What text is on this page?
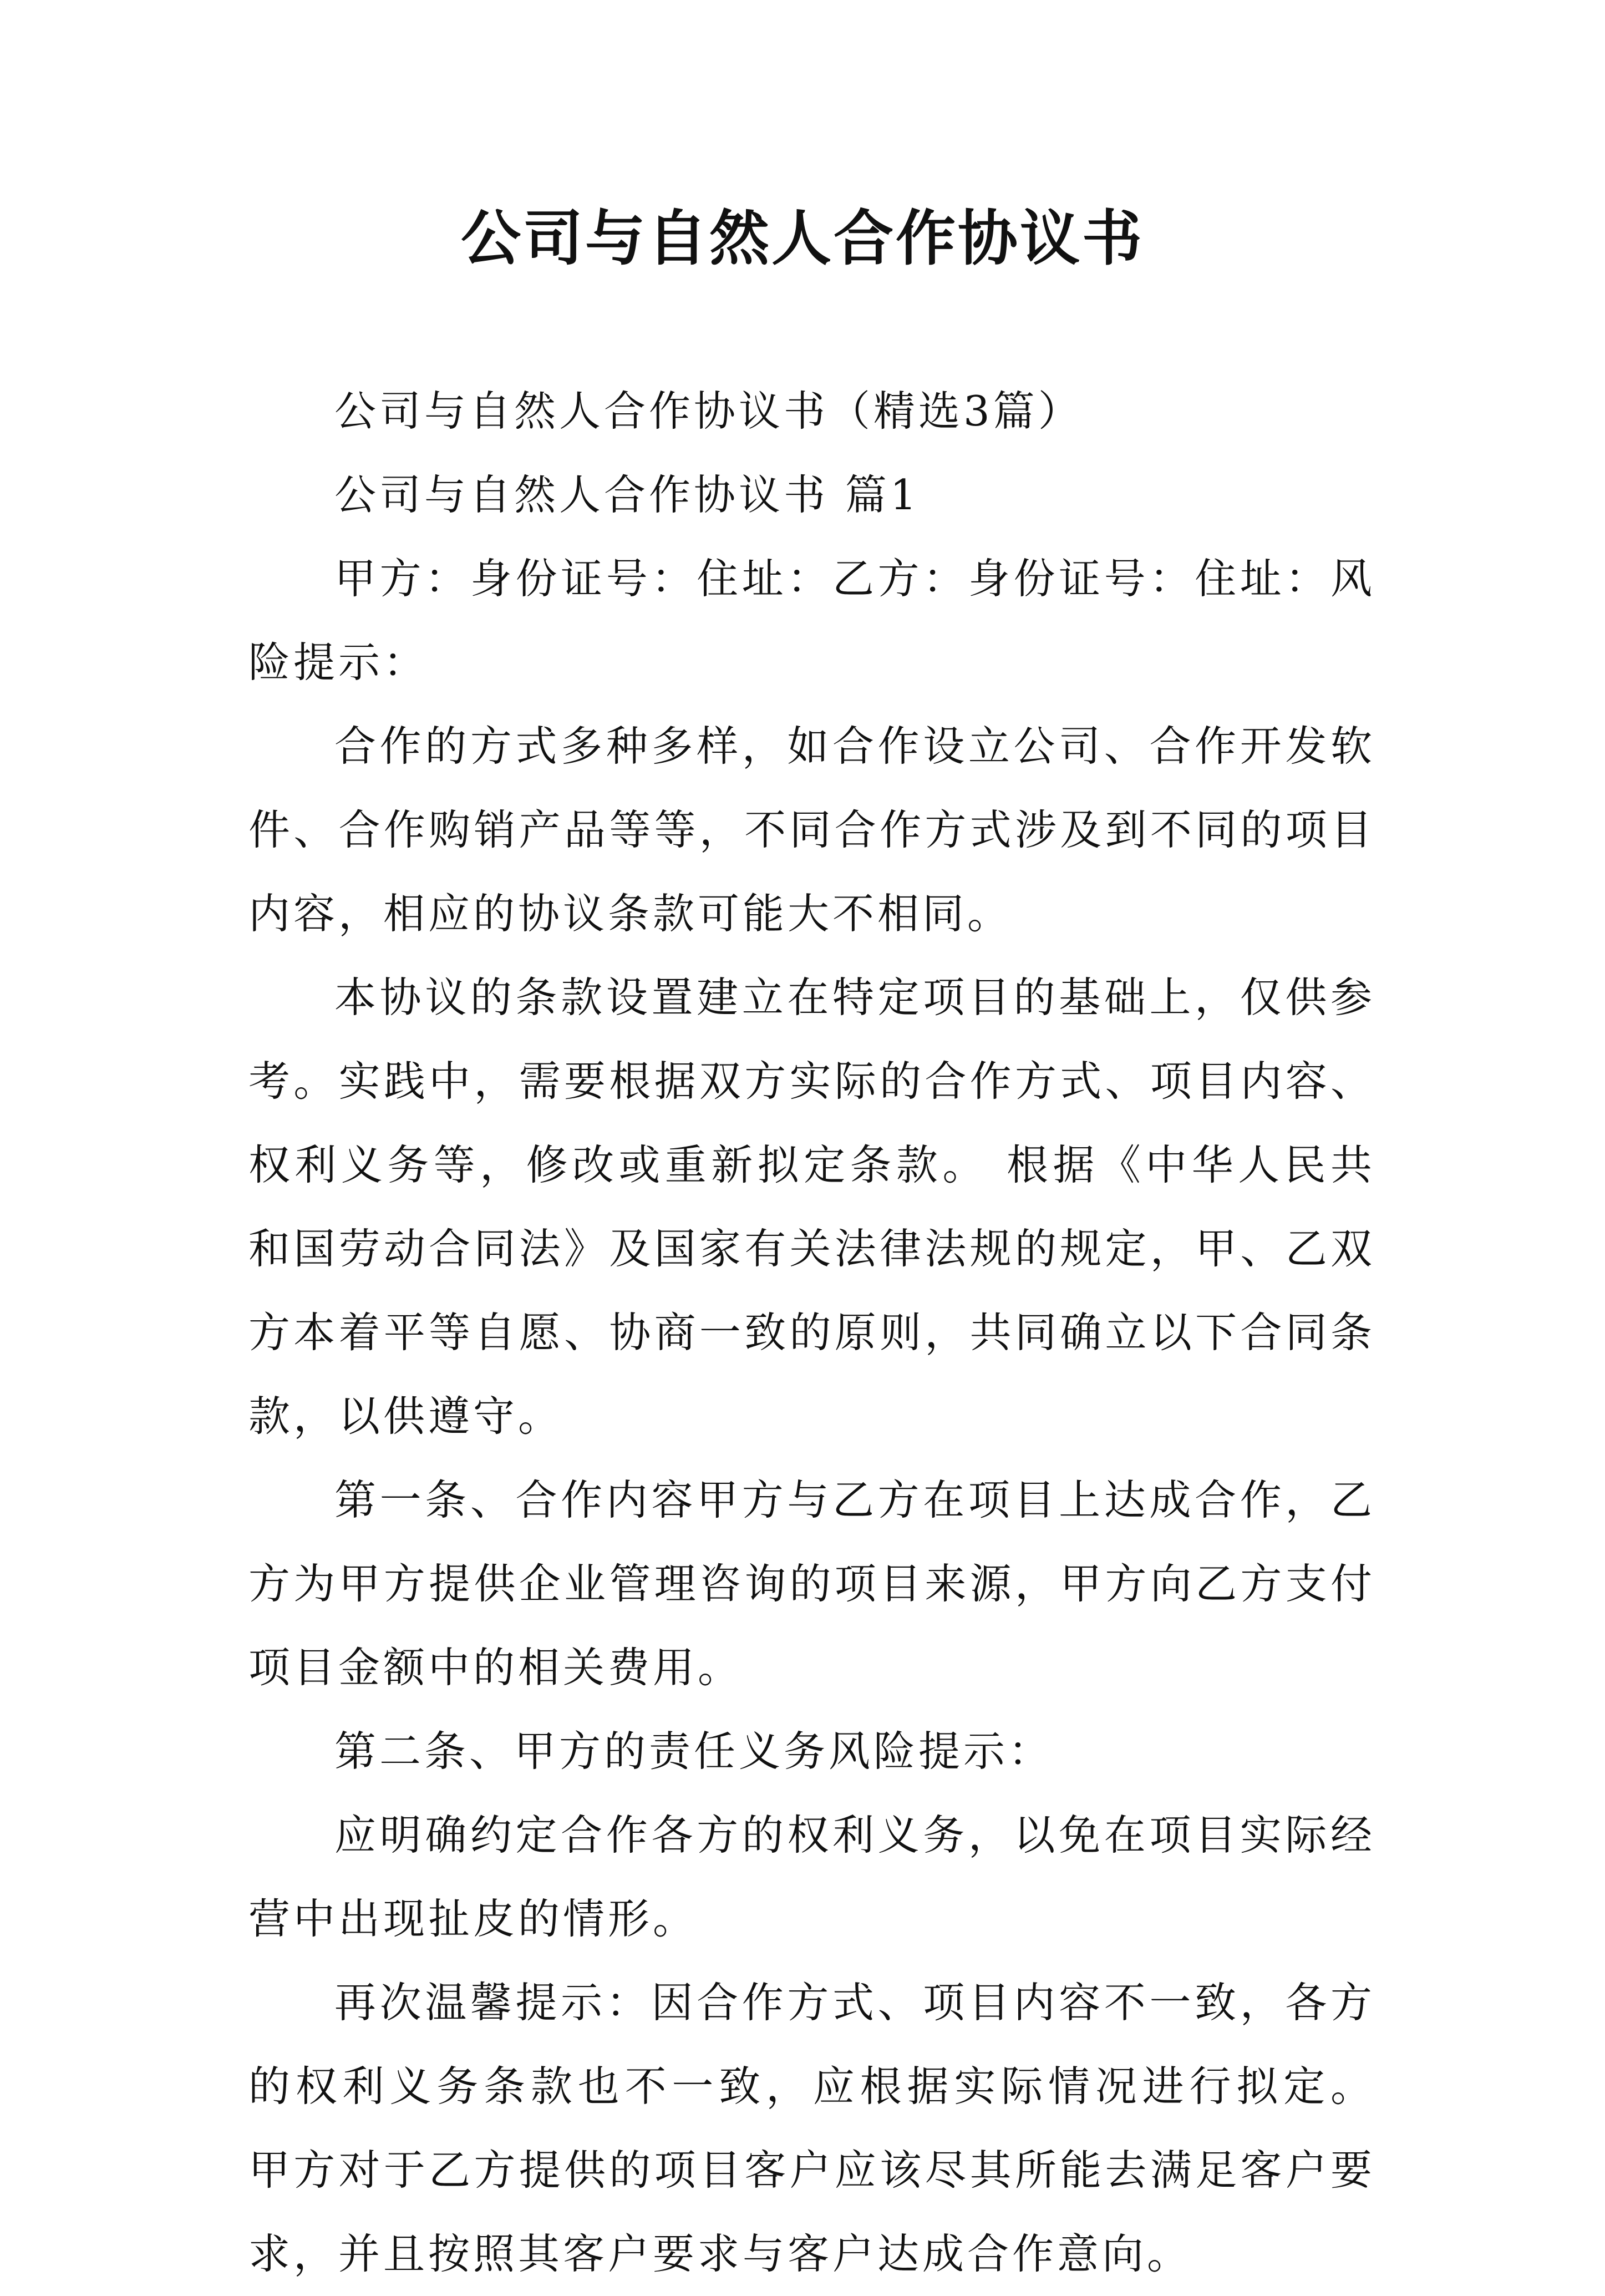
公司与自然人合作协议书

公司与自然人合作协议书（精选3篇）

公司与自然人合作协议书 篇1

甲方：身份证号：住址：乙方：身份证号：住址：风险提示：

合作的方式多种多样，如合作设立公司、合作开发软件、合作购销产品等等，不同合作方式涉及到不同的项目内容，相应的协议条款可能大不相同。

本协议的条款设置建立在特定项目的基础上，仅供参考。实践中，需要根据双方实际的合作方式、项目内容、权利义务等，修改或重新拟定条款。 根据《中华人民共和国劳动合同法》及国家有关法律法规的规定，甲、乙双方本着平等自愿、协商一致的原则，共同确立以下合同条款，以供遵守。

第一条、合作内容甲方与乙方在项目上达成合作，乙方为甲方提供企业管理咨询的项目来源，甲方向乙方支付项目金额中的相关费用。

第二条、甲方的责任义务风险提示：

应明确约定合作各方的权利义务，以免在项目实际经营中出现扯皮的情形。

再次温馨提示：因合作方式、项目内容不一致，各方的权利义务条款也不一致，应根据实际情况进行拟定。 甲方对于乙方提供的项目客户应该尽其所能去满足客户要求，并且按照其客户要求与客户达成合作意向。
